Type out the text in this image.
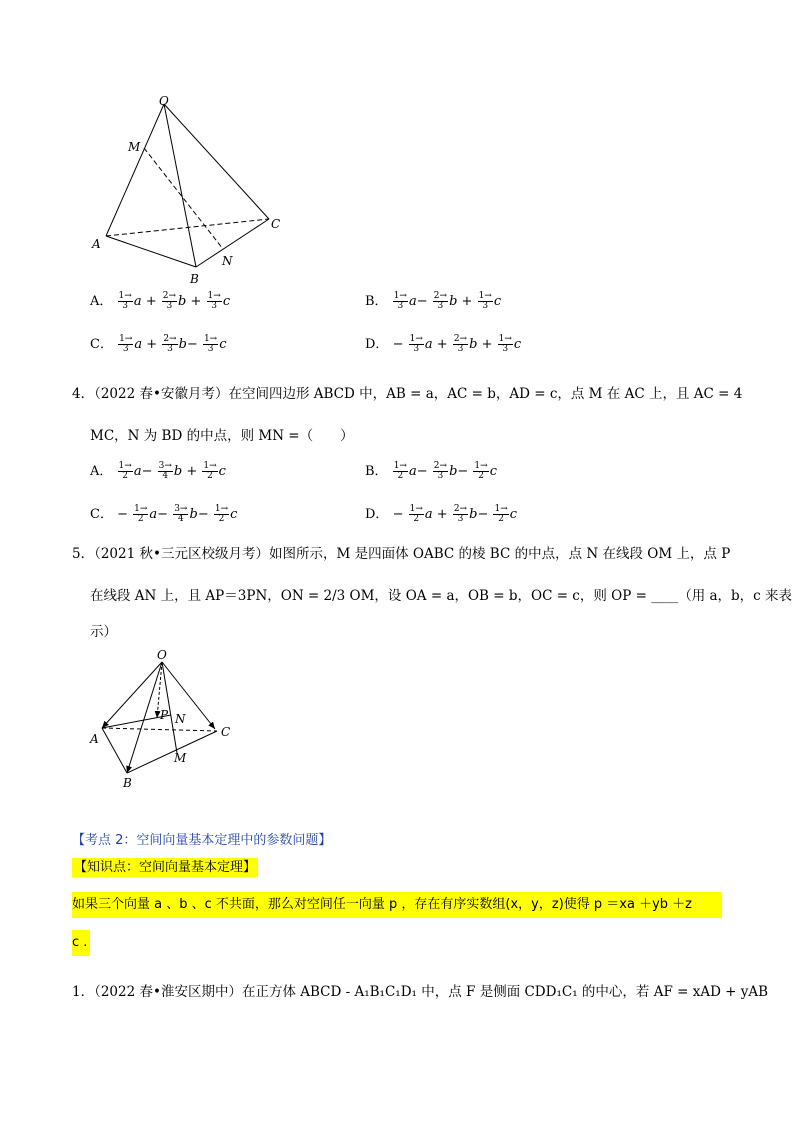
O
M
A
B
C
N
A． $\frac{1\to}{3}$ $a + \frac{2\to}{3}$ $b + \frac{1\to}{3}$ c	B． $\frac{1\to}{3} a- \frac{2\to}{3}$ $b + \frac{1\to}{3}$ c
C． $\frac{1\to}{3}$ $a + \frac{2\to}{3} b- \frac{1\to}{3}$ c	D． − $\frac{1\to}{3}$ $a + \frac{2\to}{3}$ $b + \frac{1\to}{3}$ c
4．（2022 春•安徽月考）在空间四边形 ABCD 中，AB = a，AC = b，AD = c，点 M 在 AC 上，且 AC = 4
MC，N 为 BD 的中点，则 MN =（　　）
A． $\frac{1\to}{2} a- \frac{3\to}{4}$ $b + \frac{1\to}{2}$ c	B． $\frac{1\to}{2} a- \frac{2\to}{3} b- \frac{1\to}{2}$ c
C． − $\frac{1\to}{2} a- \frac{3\to}{4} b- \frac{1\to}{2}$ c	D． − $\frac{1\to}{2}$ $a + \frac{2\to}{3} b- \frac{1\to}{2}$ c
5．（2021 秋•三元区校级月考）如图所示，M 是四面体 OABC 的棱 BC 的中点，点 N 在线段 OM 上，点 P
在线段 AN 上，且 AP＝3PN，ON = 2/3 OM，设 OA = a，OB = b，OC = c，则 OP = ____（用 a，b，c 来表
示）
O
P N
A	C
M
B
【考点 2：空间向量基本定理中的参数问题】
【知识点：空间向量基本定理】
如果三个向量 a 、b 、c 不共面，那么对空间任一向量 p ，存在有序实数组(x，y，z)使得 p ＝xa ＋yb ＋z
c .
1．（2022 春•淮安区期中）在正方体 ABCD - A₁B₁C₁D₁ 中，点 F 是侧面 CDD₁C₁ 的中心，若 AF = xAD + yAB
